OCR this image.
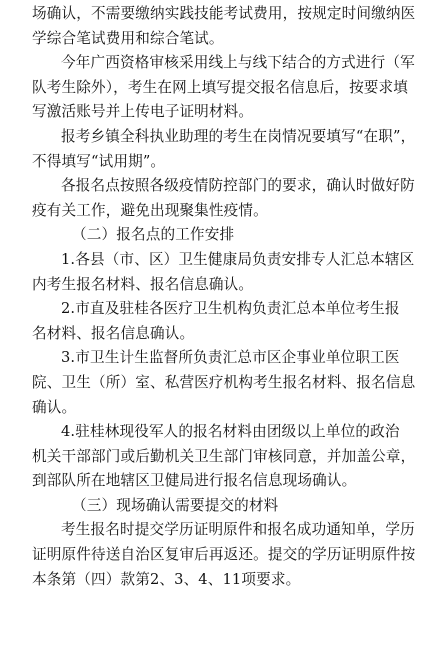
场确认，不需要缴纳实践技能考试费用，按规定时间缴纳医
学综合笔试费用和综合笔试。
今年广西资格审核采用线上与线下结合的方式进行（军
队考生除外），考生在网上填写提交报名信息后，按要求填
写激活账号并上传电子证明材料。
报考乡镇全科执业助理的考生在岗情况要填写“在职”，
不得填写“试用期”。
各报名点按照各级疫情防控部门的要求，确认时做好防
疫有关工作，避免出现聚集性疫情。
（二）报名点的工作安排
1.各县（市、区）卫生健康局负责安排专人汇总本辖区
内考生报名材料、报名信息确认。
2.市直及驻桂各医疗卫生机构负责汇总本单位考生报
名材料、报名信息确认。
3.市卫生计生监督所负责汇总市区企事业单位职工医
院、卫生（所）室、私营医疗机构考生报名材料、报名信息
确认。
4.驻桂林现役军人的报名材料由团级以上单位的政治
机关干部部门或后勤机关卫生部门审核同意，并加盖公章，
到部队所在地辖区卫健局进行报名信息现场确认。
（三）现场确认需要提交的材料
考生报名时提交学历证明原件和报名成功通知单，学历
证明原件待送自治区复审后再返还。提交的学历证明原件按
本条第（四）款第2、3、4、11项要求。
